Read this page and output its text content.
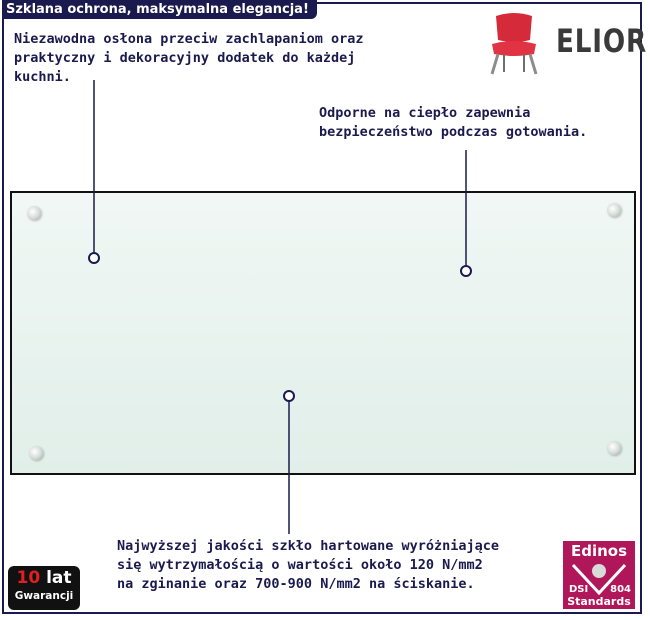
Szklana ochrona, maksymalna elegancja!
Niezawodna osłona przeciw zachlapaniom oraz
praktyczny i dekoracyjny dodatek do każdej
kuchni.
Odporne na ciepło zapewnia
bezpieczeństwo podczas gotowania.
Najwyższej jakości szkło hartowane wyróżniające
się wytrzymałością o wartości około 120 N/mm2
na zginanie oraz 700-900 N/mm2 na ściskanie.
ELIOR
10 lat
Gwarancji
Edinos
DSI 804
Standards
